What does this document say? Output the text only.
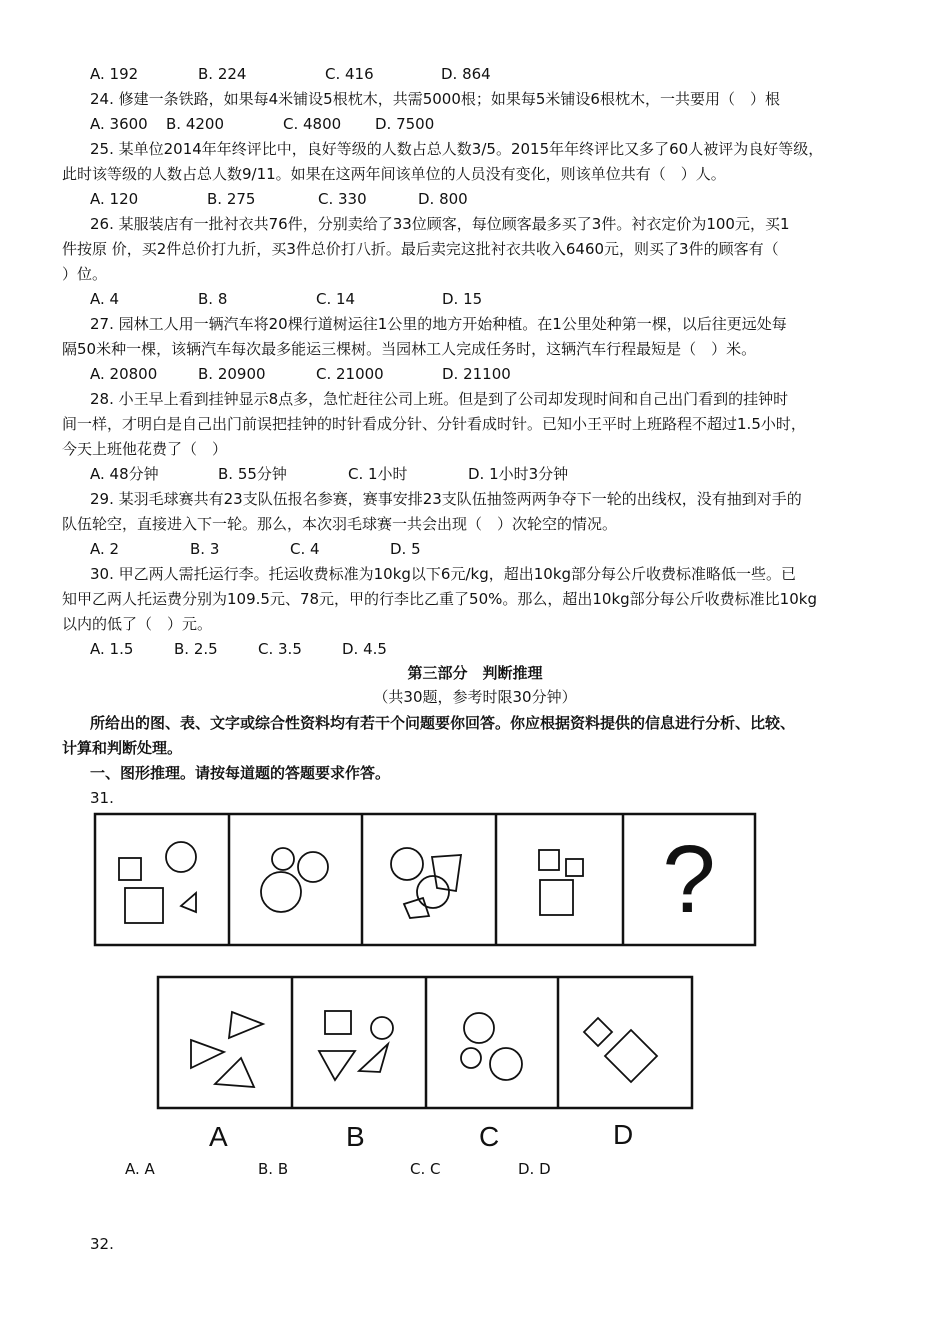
A. 192	B. 224	C. 416	D. 864
24. 修建一条铁路，如果每4米铺设5根枕木，共需5000根；如果每5米铺设6根枕木，一共要用（　）根
A. 3600 B. 4200	C. 4800 D. 7500
25. 某单位2014年年终评比中，良好等级的人数占总人数3/5。2015年年终评比又多了60人被评为良好等级，
此时该等级的人数占总人数9/11。如果在这两年间该单位的人员没有变化，则该单位共有（　）人。
A. 120	B. 275	C. 330	D. 800
26. 某服装店有一批衬衣共76件，分别卖给了33位顾客，每位顾客最多买了3件。衬衣定价为100元，买1
件按原 价，买2件总价打九折，买3件总价打八折。最后卖完这批衬衣共收入6460元，则买了3件的顾客有（
）位。
A. 4	B. 8	C. 14	D. 15
27. 园林工人用一辆汽车将20棵行道树运往1公里的地方开始种植。在1公里处种第一棵，以后往更远处每
隔50米种一棵，该辆汽车每次最多能运三棵树。当园林工人完成任务时，这辆汽车行程最短是（　）米。
A. 20800	B. 20900	C. 21000	D. 21100
28. 小王早上看到挂钟显示8点多，急忙赶往公司上班。但是到了公司却发现时间和自己出门看到的挂钟时
间一样，才明白是自己出门前误把挂钟的时针看成分针、分针看成时针。已知小王平时上班路程不超过1.5小时，
今天上班他花费了（　）
A. 48分钟	B. 55分钟	C. 1小时	D. 1小时3分钟
29. 某羽毛球赛共有23支队伍报名参赛，赛事安排23支队伍抽签两两争夺下一轮的出线权，没有抽到对手的
队伍轮空，直接进入下一轮。那么，本次羽毛球赛一共会出现（　）次轮空的情况。
A. 2	B. 3	C. 4	D. 5
30. 甲乙两人需托运行李。托运收费标准为10kg以下6元/kg，超出10kg部分每公斤收费标准略低一些。已
知甲乙两人托运费分别为109.5元、78元，甲的行李比乙重了50%。那么，超出10kg部分每公斤收费标准比10kg
以内的低了（　）元。
A. 1.5	B. 2.5	C. 3.5	D. 4.5
第三部分　判断推理
（共30题，参考时限30分钟）
所给出的图、表、文字或综合性资料均有若干个问题要你回答。你应根据资料提供的信息进行分析、比较、
计算和判断处理。
一、图形推理。请按每道题的答题要求作答。
31.
?
A	B	C	D
A. A	B. B	C. C	D. D
32.
